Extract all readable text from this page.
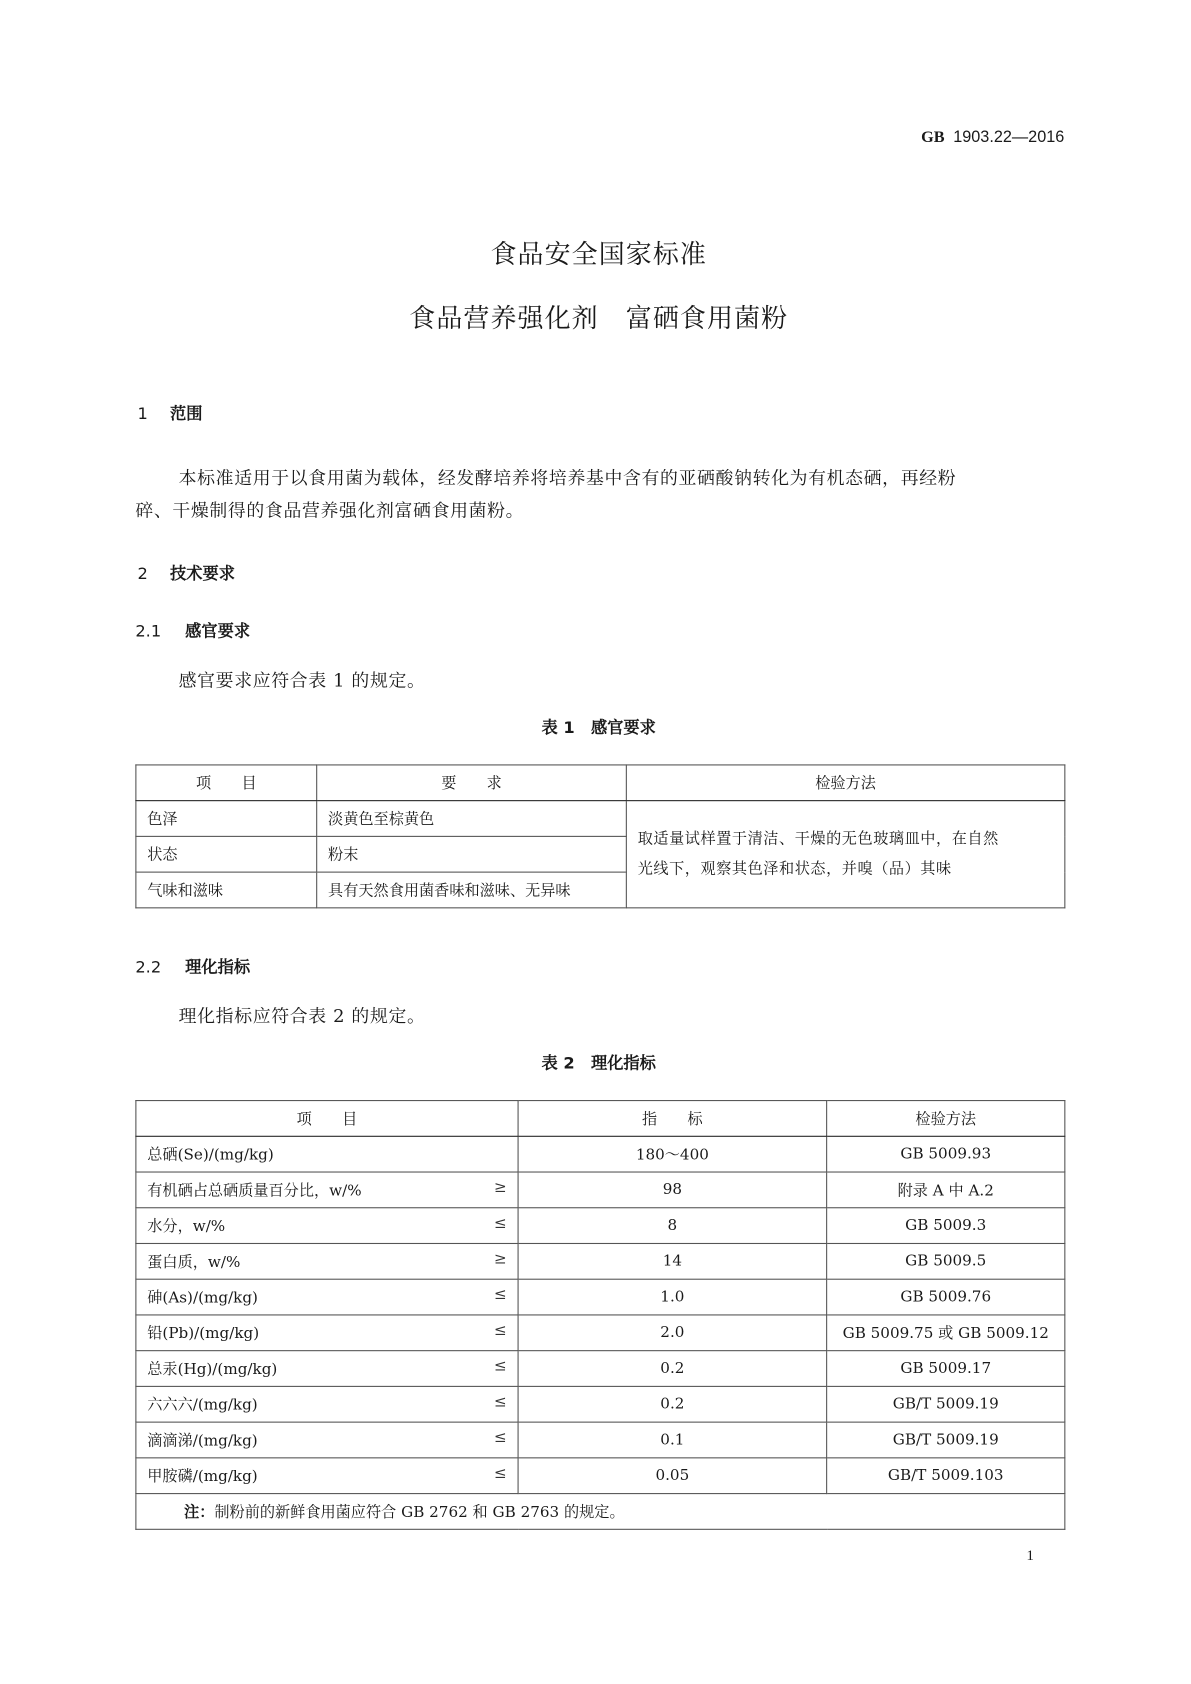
GB 1903.22—2016
食品安全国家标准
食品营养强化剂　富硒食用菌粉
1 范围
本标准适用于以食用菌为载体，经发酵培养将培养基中含有的亚硒酸钠转化为有机态硒，再经粉
碎、干燥制得的食品营养强化剂富硒食用菌粉。
2 技术要求
2.1 感官要求
感官要求应符合表 1 的规定。
表 1　感官要求
项　　目	要　　求	检验方法
色泽	淡黄色至棕黄色	取适量试样置于清洁、干燥的无色玻璃皿中，在自然
光线下，观察其色泽和状态，并嗅（品）其味

状态	粉末	
气味和滋味	具有天然食用菌香味和滋味、无异味	
2.2 理化指标
理化指标应符合表 2 的规定。
表 2　理化指标
项　　目	指　　标	检验方法
总硒(Se)/(mg/kg)	180～400	GB 5009.93
有机硒占总硒质量百分比，w/% ≥	98	附录 A 中 A.2
水分，w/% ≤	8	GB 5009.3
蛋白质，w/% ≥	14	GB 5009.5
砷(As)/(mg/kg) ≤	1.0	GB 5009.76
铅(Pb)/(mg/kg) ≤	2.0	GB 5009.75 或 GB 5009.12
总汞(Hg)/(mg/kg) ≤	0.2	GB 5009.17
六六六/(mg/kg) ≤	0.2	GB/T 5009.19
滴滴涕/(mg/kg) ≤	0.1	GB/T 5009.19
甲胺磷/(mg/kg) ≤	0.05	GB/T 5009.103
注：制粉前的新鲜食用菌应符合 GB 2762 和 GB 2763 的规定。		
1
